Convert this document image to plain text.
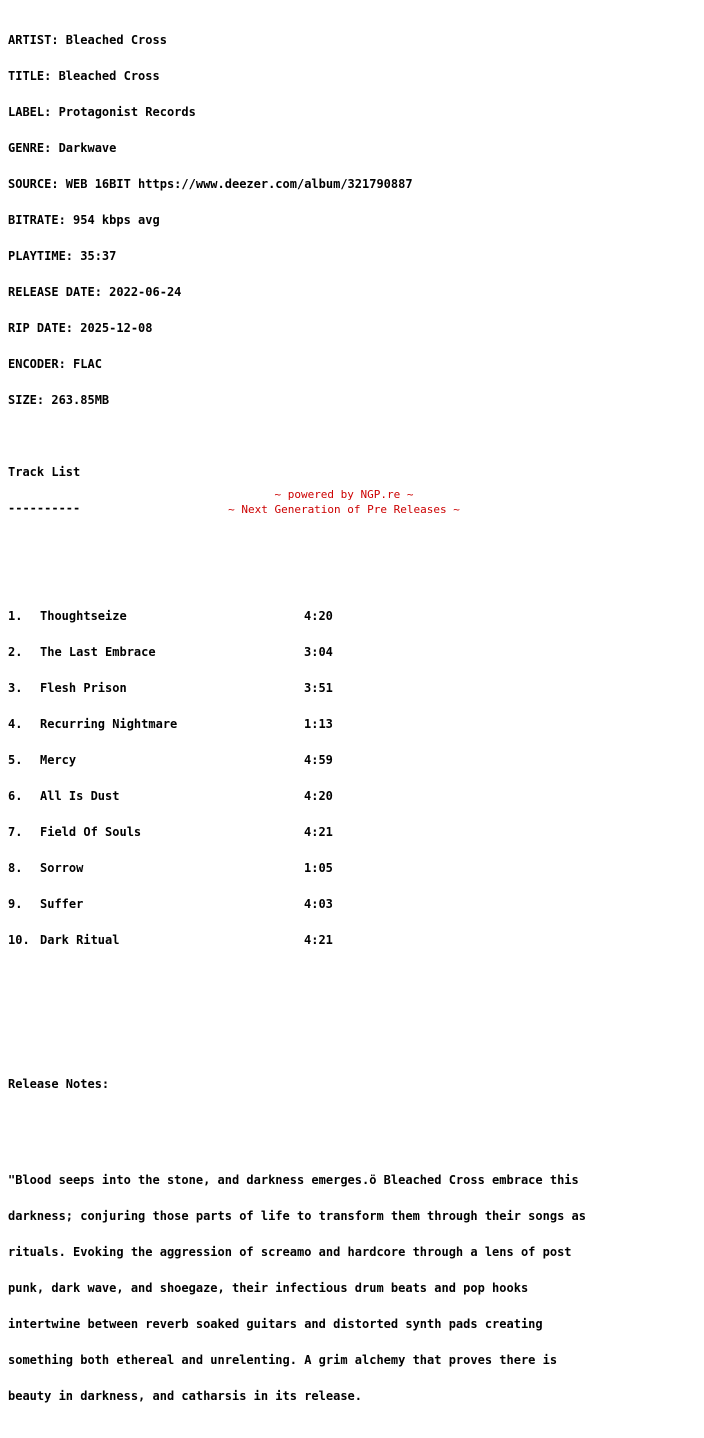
ARTIST: Bleached Cross

TITLE: Bleached Cross

LABEL: Protagonist Records

GENRE: Darkwave

SOURCE: WEB 16BIT https://www.deezer.com/album/321790887

BITRATE: 954 kbps avg

PLAYTIME: 35:37

RELEASE DATE: 2022-06-24

RIP DATE: 2025-12-08

ENCODER: FLAC

SIZE: 263.85MB

Track List

----------

1.	Thoughtseize	4:20

2.	The Last Embrace	3:04

3.	Flesh Prison	3:51

4.	Recurring Nightmare	1:13

5.	Mercy	4:59

6.	All Is Dust	4:20

7.	Field Of Souls	4:21

8.	Sorrow	1:05

9.	Suffer	4:03

10. Dark Ritual	4:21

Release Notes:

"Blood seeps into the stone, and darkness emerges.ö Bleached Cross embrace this

darkness; conjuring those parts of life to transform them through their songs as

rituals. Evoking the aggression of screamo and hardcore through a lens of post

punk, dark wave, and shoegaze, their infectious drum beats and pop hooks

intertwine between reverb soaked guitars and distorted synth pads creating

something both ethereal and unrelenting. A grim alchemy that proves there is

beauty in darkness, and catharsis in its release.

~ powered by NGP.re ~
~ Next Generation of Pre Releases ~
